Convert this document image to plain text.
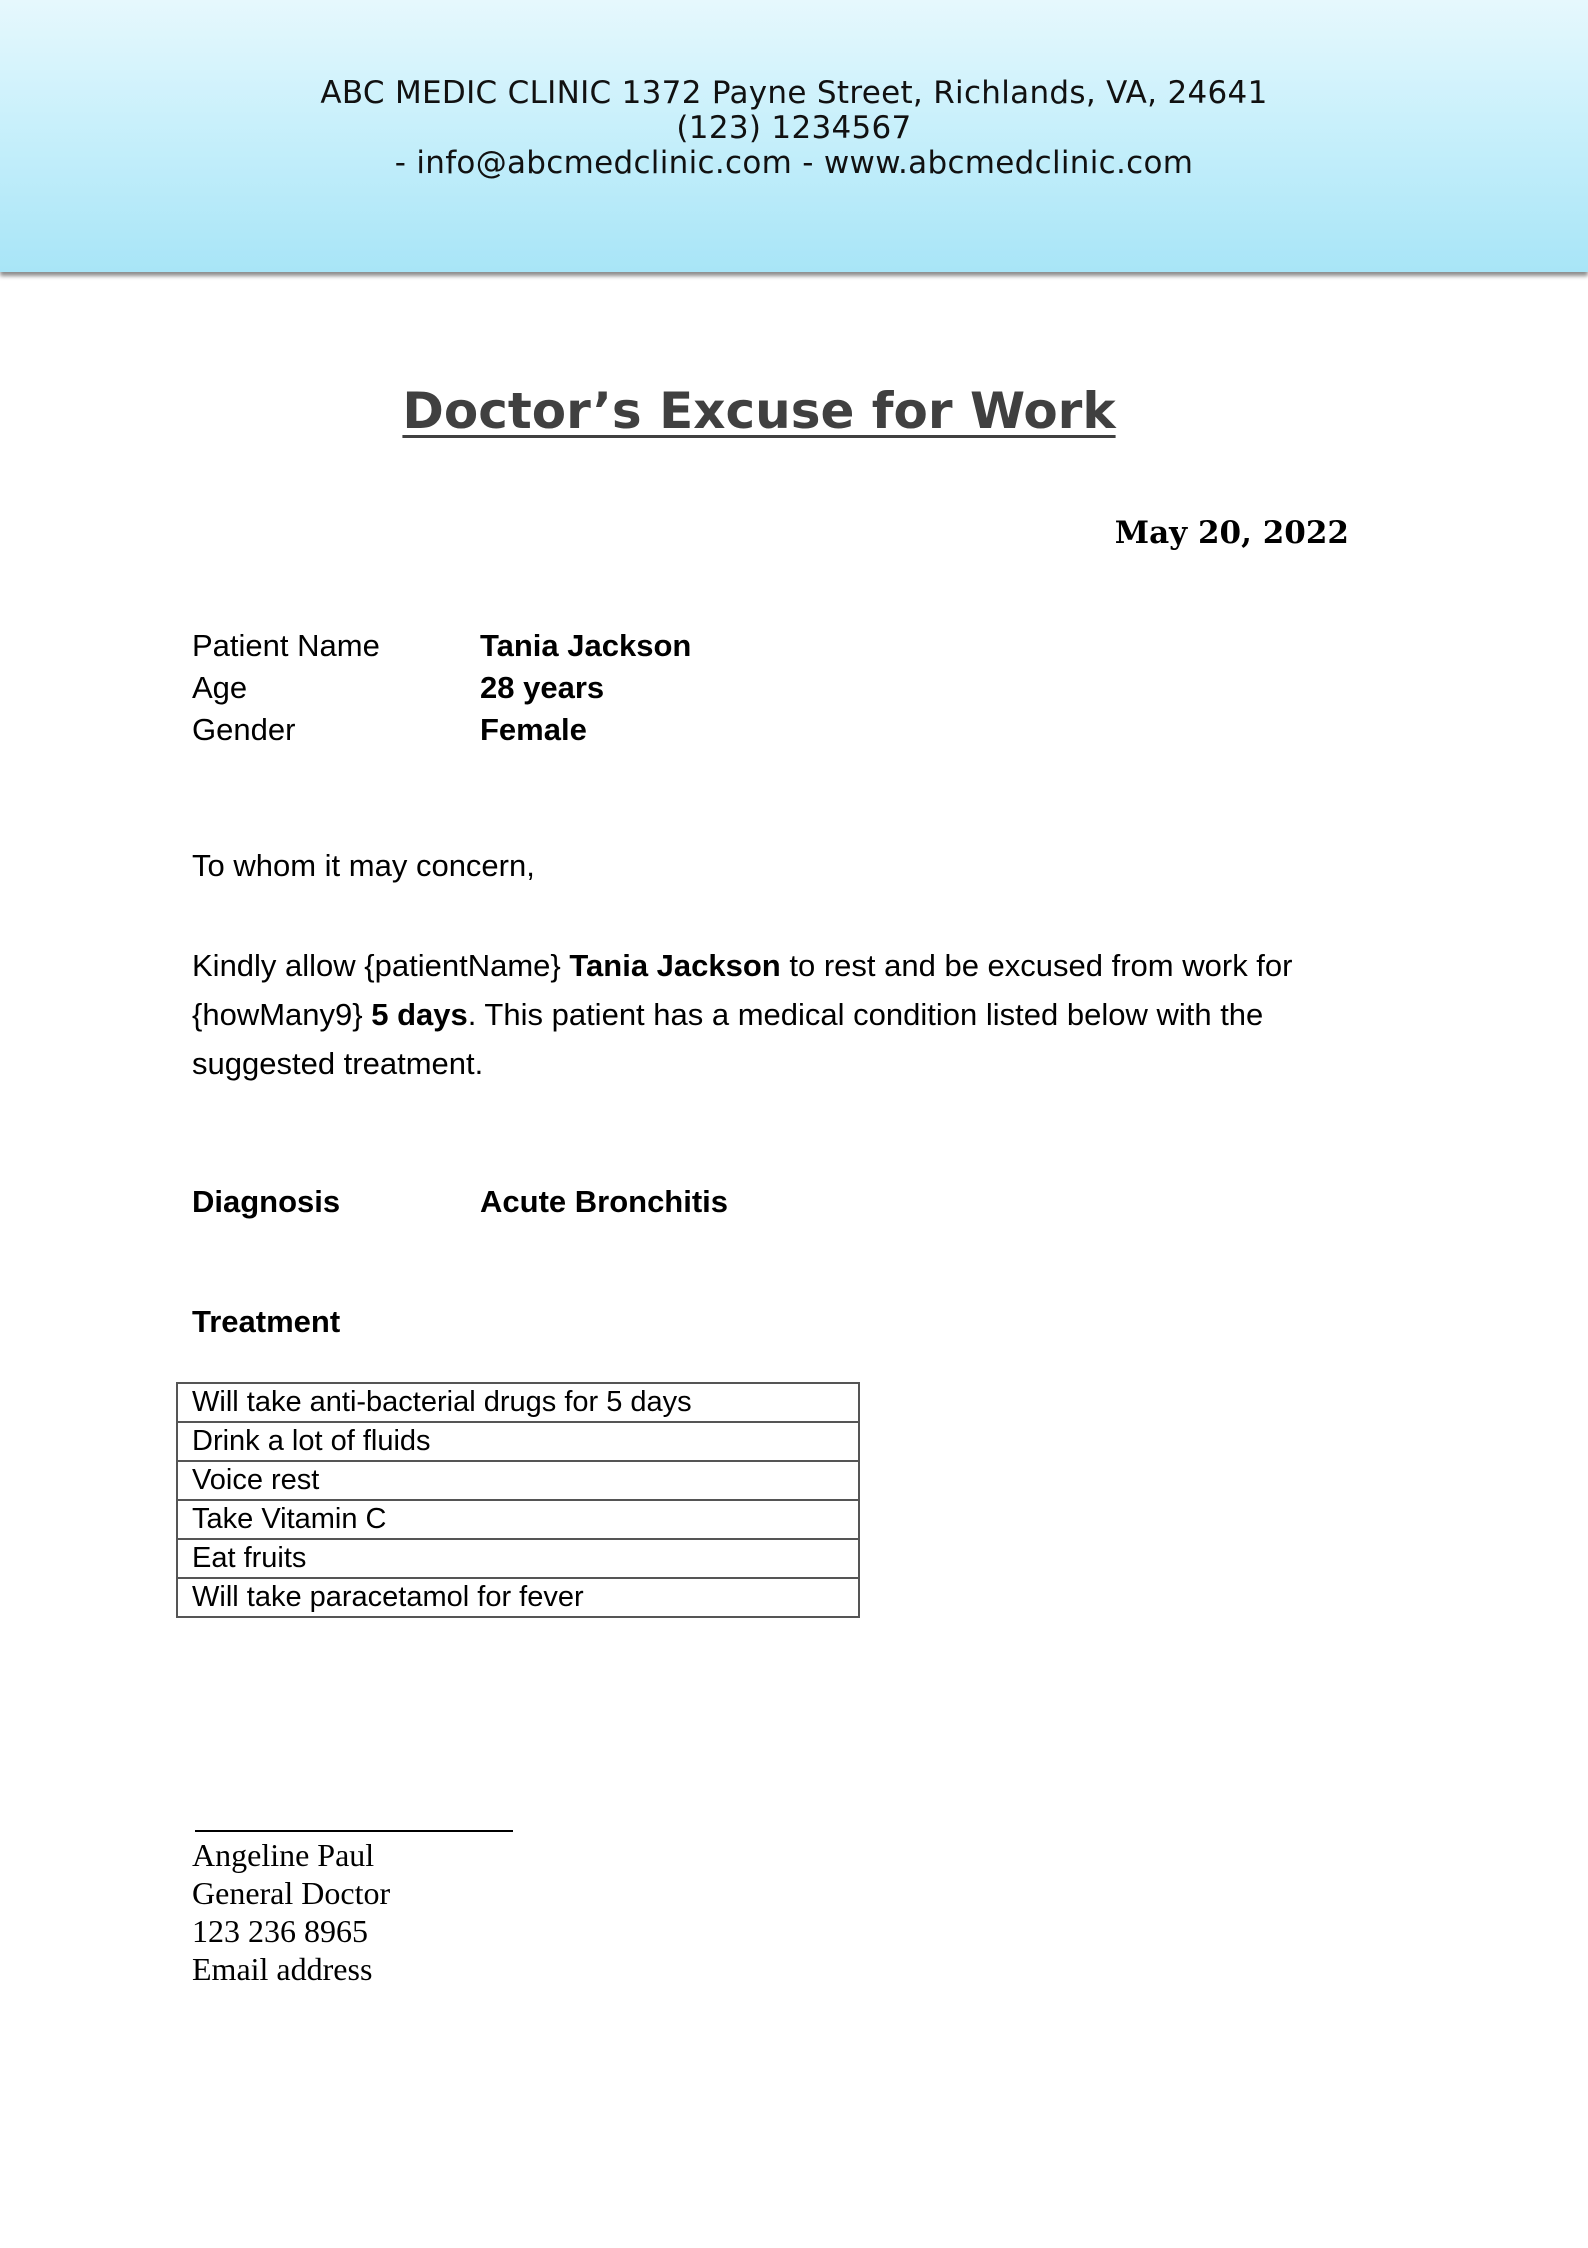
ABC MEDIC CLINIC 1372 Payne Street, Richlands, VA, 24641
(123) 1234567
- info@abcmedclinic.com - www.abcmedclinic.com
Doctor’s Excuse for Work
May 20, 2022
Patient Name	Tania Jackson
Age	28 years
Gender	Female
To whom it may concern,
Kindly allow {patientName} Tania Jackson to rest and be excused from work for
{howMany9} 5 days. This patient has a medical condition listed below with the
suggested treatment.
Diagnosis	Acute Bronchitis
Treatment
Will take anti-bacterial drugs for 5 days
Drink a lot of fluids
Voice rest
Take Vitamin C
Eat fruits
Will take paracetamol for fever
Angeline Paul
General Doctor
123 236 8965
Email address
